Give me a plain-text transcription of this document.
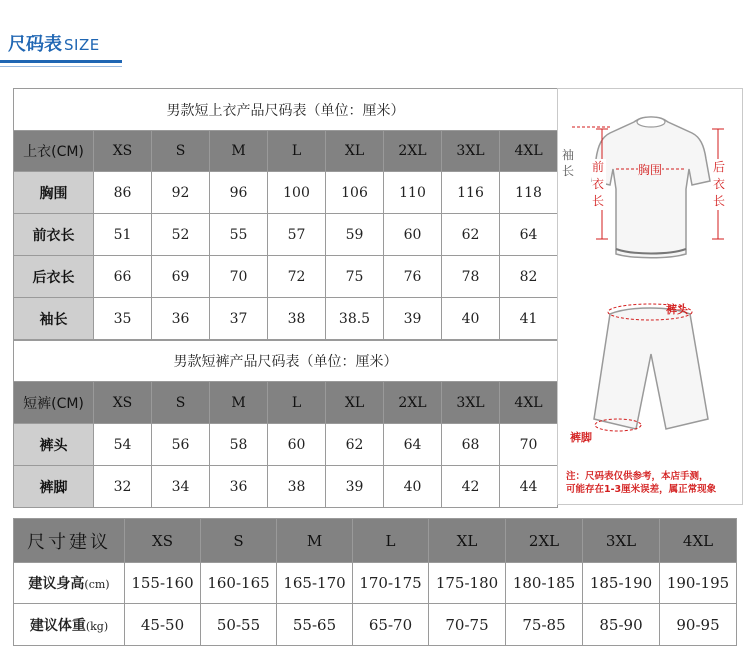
尺码表 SIZE
男款短上衣产品尺码表（单位：厘米）								
上衣(CM)	XS	S	M	L	XL	2XL	3XL	4XL
胸围	86	92	96	100	106	110	116	118
前衣长	51	52	55	57	59	60	62	64
后衣长	66	69	70	72	75	76	78	82
袖长	35	36	37	38	38.5	39	40	41
男款短裤产品尺码表（单位：厘米）								
短裤(CM)	XS	S	M	L	XL	2XL	3XL	4XL
裤头	54	56	58	60	62	64	68	70
裤脚	32	34	36	38	39	40	42	44
袖长 前衣长
胸围	后衣长
裤头
裤脚
注：尺码表仅供参考，本店手测，
可能存在1-3厘米误差，属正常现象
尺寸建议	XS	S	M	L	XL	2XL	3XL	4XL
建议身高(cm)	155-160	160-165	165-170	170-175	175-180	180-185	185-190	190-195
建议体重(kg)	45-50	50-55	55-65	65-70	70-75	75-85	85-90	90-95
